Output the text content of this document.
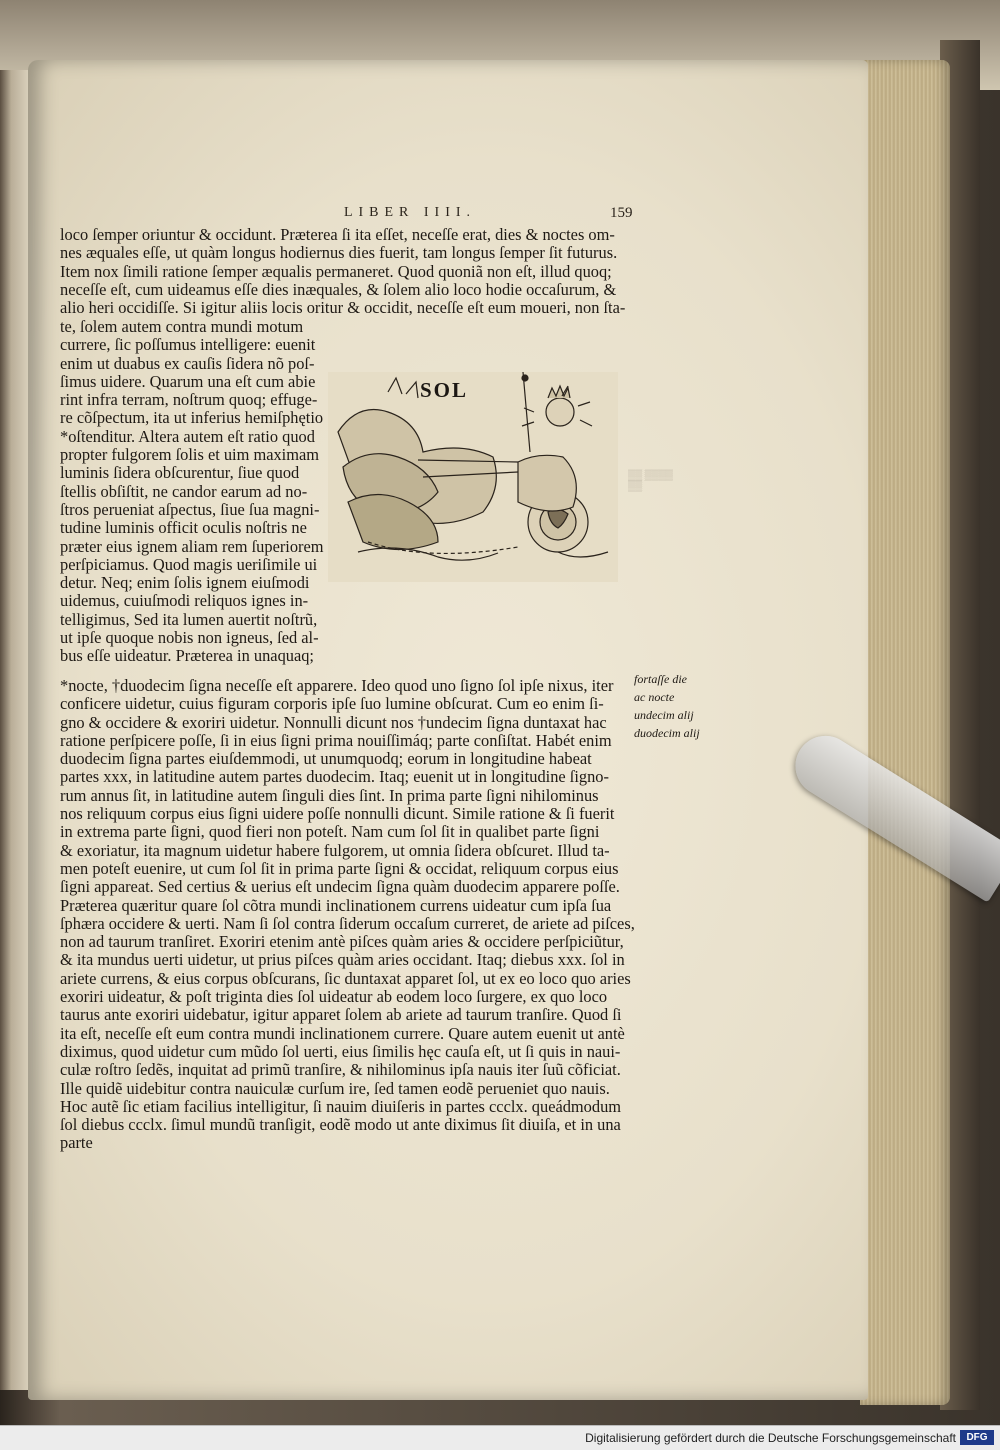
LIBER IIII.	159
loco ſemper oriuntur & occidunt. Præterea ſi ita eſſet, neceſſe erat, dies & noctes om-
nes æquales eſſe, ut quàm longus hodiernus dies fuerit, tam longus ſemper ſit futurus.
Item nox ſimili ratione ſemper æqualis permaneret. Quod quoniã non eſt, illud quoq;
neceſſe eſt, cum uideamus eſſe dies inæquales, & ſolem alio loco hodie occaſurum, &
alio heri occidiſſe. Si igitur aliis locis oritur & occidit, neceſſe eſt eum moueri, non ſta-
te, ſolem autem contra mundi motum
currere, ſic poſſumus intelligere: euenit
enim ut duabus ex cauſis ſidera nõ poſ-
ſimus uidere. Quarum una eſt cum abie
rint infra terram, noſtrum quoq; effuge-
re cõſpectum, ita ut inferius hemiſphętio
*oſtenditur. Altera autem eſt ratio quod
propter fulgorem ſolis et uim maximam
luminis ſidera obſcurentur, ſiue quod
ſtellis obſiſtit, ne candor earum ad no-
ſtros perueniat aſpectus, ſiue ſua magni-
tudine luminis officit oculis noſtris ne
præter eius ignem aliam rem ſuperiorem
perſpiciamus. Quod magis ueriſimile ui
detur. Neq; enim ſolis ignem eiuſmodi
uidemus, cuiuſmodi reliquos ignes in-
telligimus, Sed ita lumen auertit noſtrũ,
ut ipſe quoque nobis non igneus, ſed al-
bus eſſe uideatur. Præterea in unaquaq;
*nocte, †duodecim ſigna neceſſe eſt apparere. Ideo quod uno ſigno ſol ipſe nixus, iter
conficere uidetur, cuius figuram corporis ipſe ſuo lumine obſcurat. Cum eo enim ſi-
gno & occidere & exoriri uidetur. Nonnulli dicunt nos †undecim ſigna duntaxat hac
ratione perſpicere poſſe, ſi in eius ſigni prima nouiſſimáq; parte conſiſtat. Habét enim
duodecim ſigna partes eiuſdemmodi, ut unumquodq; eorum in longitudine habeat
partes xxx, in latitudine autem partes duodecim. Itaq; euenit ut in longitudine ſigno-
rum annus ſit, in latitudine autem ſinguli dies ſint. In prima parte ſigni nihilominus
nos reliquum corpus eius ſigni uidere poſſe nonnulli dicunt. Simile ratione & ſi fuerit
in extrema parte ſigni, quod fieri non poteſt. Nam cum ſol ſit in qualibet parte ſigni
& exoriatur, ita magnum uidetur habere fulgorem, ut omnia ſidera obſcuret. Illud ta-
men poteſt euenire, ut cum ſol ſit in prima parte ſigni & occidat, reliquum corpus eius
ſigni appareat. Sed certius & uerius eſt undecim ſigna quàm duodecim apparere poſſe.
Præterea quæritur quare ſol cõtra mundi inclinationem currens uideatur cum ipſa ſua
ſphæra occidere & uerti. Nam ſi ſol contra ſiderum occaſum curreret, de ariete ad piſces,
non ad taurum tranſiret. Exoriri etenim antè piſces quàm aries & occidere perſpiciũtur,
& ita mundus uerti uidetur, ut prius piſces quàm aries occidant. Itaq; diebus xxx. ſol in
ariete currens, & eius corpus obſcurans, ſic duntaxat apparet ſol, ut ex eo loco quo aries
exoriri uideatur, & poſt triginta dies ſol uideatur ab eodem loco ſurgere, ex quo loco
taurus ante exoriri uidebatur, igitur apparet ſolem ab ariete ad taurum tranſire. Quod ſi
ita eſt, neceſſe eſt eum contra mundi inclinationem currere. Quare autem euenit ut antè
diximus, quod uidetur cum mũdo ſol uerti, eius ſimilis hęc cauſa eſt, ut ſi quis in naui-
culæ roſtro ſedẽs, inquitat ad primũ tranſire, & nihilominus ipſa nauis iter ſuũ cõficiat.
Ille quidẽ uidebitur contra nauiculæ curſum ire, ſed tamen eodẽ perueniet quo nauis.
Hoc autẽ ſic etiam facilius intelligitur, ſi nauim diuiſeris in partes ccclx. queádmodum
ſol diebus ccclx. ſimul mundũ tranſigit, eodẽ modo ut ante diximus ſit diuiſa, et in una
parte
SOL
▒▒ ▒▒▒▒ ▒▒
fortaſſe die
ac nocte
undecim alij
duodecim alij
Digitalisierung gefördert durch die Deutsche Forschungsgemeinschaft	DFG
